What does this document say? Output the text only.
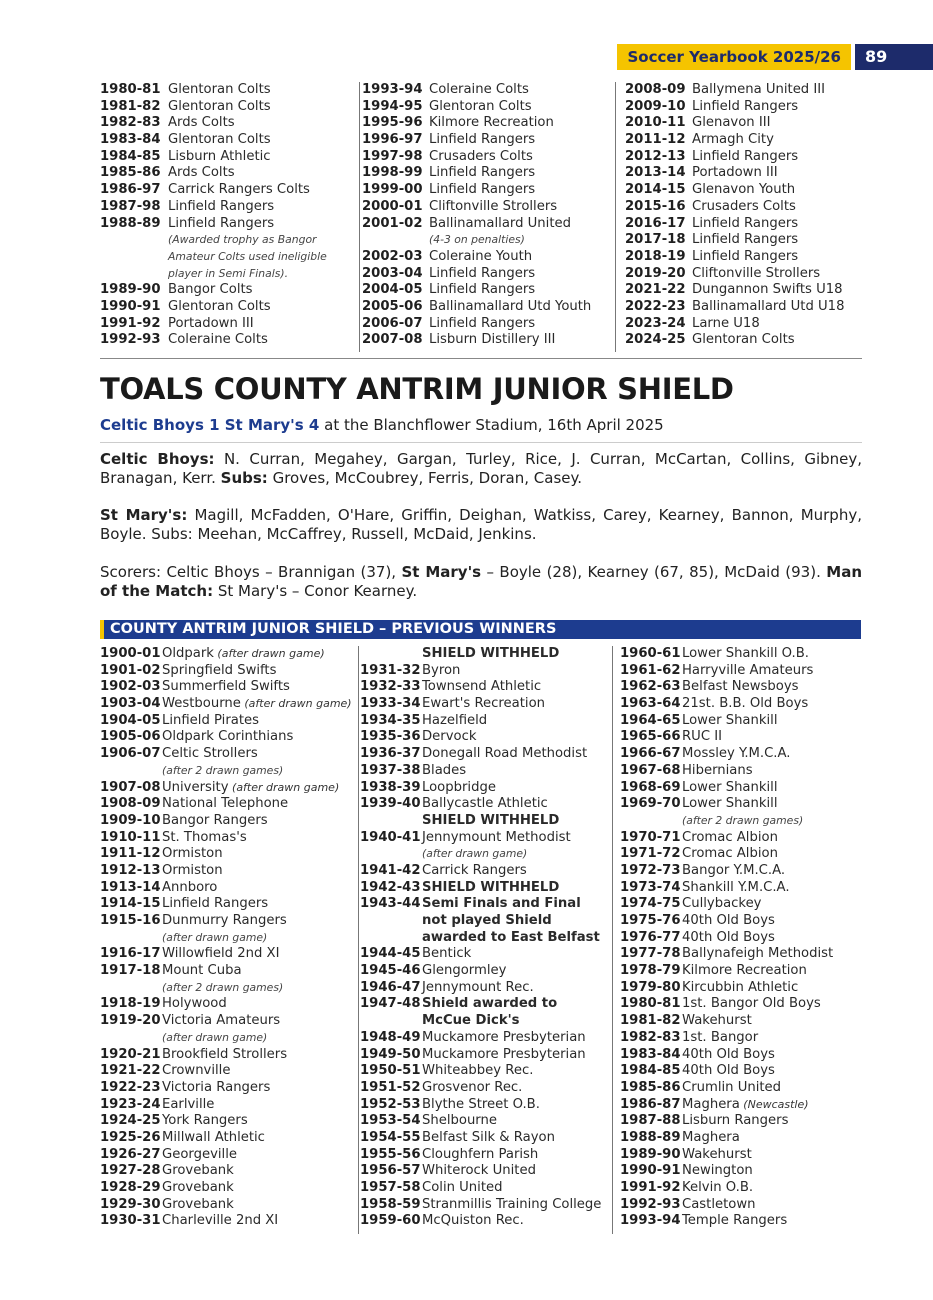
Soccer Yearbook 2025/26	89
1980-81 Glentoran Colts
1981-82 Glentoran Colts
1982-83 Ards Colts
1983-84 Glentoran Colts
1984-85 Lisburn Athletic
1985-86 Ards Colts
1986-97 Carrick Rangers Colts
1987-98 Linfield Rangers
1988-89 Linfield Rangers
(Awarded trophy as Bangor
Amateur Colts used ineligible
player in Semi Finals).
1989-90 Bangor Colts
1990-91 Glentoran Colts
1991-92 Portadown III
1992-93 Coleraine Colts
1993-94 Coleraine Colts
1994-95 Glentoran Colts
1995-96 Kilmore Recreation
1996-97 Linfield Rangers
1997-98 Crusaders Colts
1998-99 Linfield Rangers
1999-00 Linfield Rangers
2000-01 Cliftonville Strollers
2001-02 Ballinamallard United
(4-3 on penalties)
2002-03 Coleraine Youth
2003-04 Linfield Rangers
2004-05 Linfield Rangers
2005-06 Ballinamallard Utd Youth
2006-07 Linfield Rangers
2007-08 Lisburn Distillery III
2008-09 Ballymena United III
2009-10 Linfield Rangers
2010-11 Glenavon III
2011-12 Armagh City
2012-13 Linfield Rangers
2013-14 Portadown III
2014-15 Glenavon Youth
2015-16 Crusaders Colts
2016-17 Linfield Rangers
2017-18 Linfield Rangers
2018-19 Linfield Rangers
2019-20 Cliftonville Strollers
2021-22 Dungannon Swifts U18
2022-23 Ballinamallard Utd U18
2023-24 Larne U18
2024-25 Glentoran Colts
TOALS COUNTY ANTRIM JUNIOR SHIELD
Celtic Bhoys 1 St Mary's 4 at the Blanchflower Stadium, 16th April 2025
Celtic Bhoys: N. Curran, Megahey, Gargan, Turley, Rice, J. Curran, McCartan, Collins, Gibney, Branagan, Kerr. Subs: Groves, McCoubrey, Ferris, Doran, Casey.
St Mary's: Magill, McFadden, O'Hare, Griffin, Deighan, Watkiss, Carey, Kearney, Bannon, Murphy, Boyle. Subs: Meehan, McCaffrey, Russell, McDaid, Jenkins.
Scorers: Celtic Bhoys – Brannigan (37), St Mary's – Boyle (28), Kearney (67, 85), McDaid (93). Man of the Match: St Mary's – Conor Kearney.
COUNTY ANTRIM JUNIOR SHIELD – PREVIOUS WINNERS
1900-01 Oldpark (after drawn game)
1901-02 Springfield Swifts
1902-03 Summerfield Swifts
1903-04 Westbourne (after drawn game)
1904-05 Linfield Pirates
1905-06 Oldpark Corinthians
1906-07 Celtic Strollers
(after 2 drawn games)
1907-08 University (after drawn game)
1908-09 National Telephone
1909-10 Bangor Rangers
1910-11 St. Thomas's
1911-12 Ormiston
1912-13 Ormiston
1913-14 Annboro
1914-15 Linfield Rangers
1915-16 Dunmurry Rangers
(after drawn game)
1916-17 Willowfield 2nd XI
1917-18 Mount Cuba
(after 2 drawn games)
1918-19 Holywood
1919-20 Victoria Amateurs
(after drawn game)
1920-21 Brookfield Strollers
1921-22 Crownville
1922-23 Victoria Rangers
1923-24 Earlville
1924-25 York Rangers
1925-26 Millwall Athletic
1926-27 Georgeville
1927-28 Grovebank
1928-29 Grovebank
1929-30 Grovebank
1930-31 Charleville 2nd XI
SHIELD WITHHELD
1931-32 Byron
1932-33 Townsend Athletic
1933-34 Ewart's Recreation
1934-35 Hazelfield
1935-36 Dervock
1936-37 Donegall Road Methodist
1937-38 Blades
1938-39 Loopbridge
1939-40 Ballycastle Athletic
SHIELD WITHHELD
1940-41 Jennymount Methodist
(after drawn game)
1941-42 Carrick Rangers
1942-43 SHIELD WITHHELD
1943-44 Semi Finals and Final
not played Shield
awarded to East Belfast
1944-45 Bentick
1945-46 Glengormley
1946-47 Jennymount Rec.
1947-48 Shield awarded to
McCue Dick's
1948-49 Muckamore Presbyterian
1949-50 Muckamore Presbyterian
1950-51 Whiteabbey Rec.
1951-52 Grosvenor Rec.
1952-53 Blythe Street O.B.
1953-54 Shelbourne
1954-55 Belfast Silk & Rayon
1955-56 Cloughfern Parish
1956-57 Whiterock United
1957-58 Colin United
1958-59 Stranmillis Training College
1959-60 McQuiston Rec.
1960-61 Lower Shankill O.B.
1961-62 Harryville Amateurs
1962-63 Belfast Newsboys
1963-64 21st. B.B. Old Boys
1964-65 Lower Shankill
1965-66 RUC II
1966-67 Mossley Y.M.C.A.
1967-68 Hibernians
1968-69 Lower Shankill
1969-70 Lower Shankill
(after 2 drawn games)
1970-71 Cromac Albion
1971-72 Cromac Albion
1972-73 Bangor Y.M.C.A.
1973-74 Shankill Y.M.C.A.
1974-75 Cullybackey
1975-76 40th Old Boys
1976-77 40th Old Boys
1977-78 Ballynafeigh Methodist
1978-79 Kilmore Recreation
1979-80 Kircubbin Athletic
1980-81 1st. Bangor Old Boys
1981-82 Wakehurst
1982-83 1st. Bangor
1983-84 40th Old Boys
1984-85 40th Old Boys
1985-86 Crumlin United
1986-87 Maghera (Newcastle)
1987-88 Lisburn Rangers
1988-89 Maghera
1989-90 Wakehurst
1990-91 Newington
1991-92 Kelvin O.B.
1992-93 Castletown
1993-94 Temple Rangers
